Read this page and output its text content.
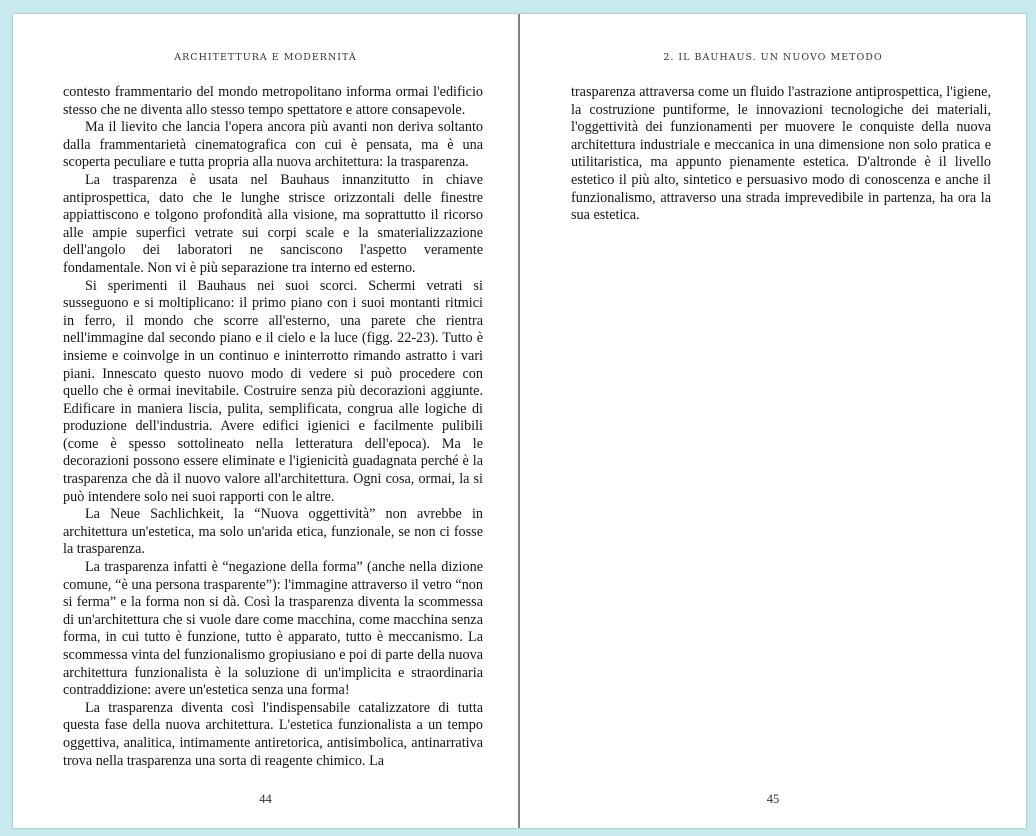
ARCHITETTURA E MODERNITÀ

contesto frammentario del mondo metropolitano informa ormai l'edificio stesso che ne diventa allo stesso tempo spettatore e attore consapevole.

Ma il lievito che lancia l'opera ancora più avanti non deriva soltanto dalla frammentarietà cinematografica con cui è pensata, ma è una scoperta peculiare e tutta propria alla nuova architettura: la trasparenza.

La trasparenza è usata nel Bauhaus innanzitutto in chiave antiprospettica, dato che le lunghe strisce orizzontali delle finestre appiattiscono e tolgono profondità alla visione, ma soprattutto il ricorso alle ampie superfici vetrate sui corpi scale e la smaterializzazione dell'angolo dei laboratori ne sanciscono l'aspetto veramente fondamentale. Non vi è più separazione tra interno ed esterno.

Si sperimenti il Bauhaus nei suoi scorci. Schermi vetrati si susseguono e si moltiplicano: il primo piano con i suoi montanti ritmici in ferro, il mondo che scorre all'esterno, una parete che rientra nell'immagine dal secondo piano e il cielo e la luce (figg. 22-23). Tutto è insieme e coinvolge in un continuo e ininterrotto rimando astratto i vari piani. Innescato questo nuovo modo di vedere si può procedere con quello che è ormai inevitabile. Costruire senza più decorazioni aggiunte. Edificare in maniera liscia, pulita, semplificata, congrua alle logiche di produzione dell'industria. Avere edifici igienici e facilmente pulibili (come è spesso sottolineato nella letteratura dell'epoca). Ma le decorazioni possono essere eliminate e l'igienicità guadagnata perché è la trasparenza che dà il nuovo valore all'architettura. Ogni cosa, ormai, la si può intendere solo nei suoi rapporti con le altre.

La Neue Sachlichkeit, la “Nuova oggettività” non avrebbe in architettura un'estetica, ma solo un'arida etica, funzionale, se non ci fosse la trasparenza.

La trasparenza infatti è “negazione della forma” (anche nella dizione comune, “è una persona trasparente”): l'immagine attraverso il vetro “non si ferma” e la forma non si dà. Così la trasparenza diventa la scommessa di un'architettura che si vuole dare come macchina, come macchina senza forma, in cui tutto è funzione, tutto è apparato, tutto è meccanismo. La scommessa vinta del funzionalismo gropiusiano e poi di parte della nuova architettura funzionalista è la soluzione di un'implicita e straordinaria contraddizione: avere un'estetica senza una forma!

La trasparenza diventa così l'indispensabile catalizzatore di tutta questa fase della nuova architettura. L'estetica funzionalista a un tempo oggettiva, analitica, intimamente antiretorica, antisimbolica, antinarrativa trova nella trasparenza una sorta di reagente chimico. La

44
2. IL BAUHAUS. UN NUOVO METODO

trasparenza attraversa come un fluido l'astrazione antiprospettica, l'igiene, la costruzione puntiforme, le innovazioni tecnologiche dei materiali, l'oggettività dei funzionamenti per muovere le conquiste della nuova architettura industriale e meccanica in una dimensione non solo pratica e utilitaristica, ma appunto pienamente estetica. D'altronde è il livello estetico il più alto, sintetico e persuasivo modo di conoscenza e anche il funzionalismo, attraverso una strada imprevedibile in partenza, ha ora la sua estetica.

45
